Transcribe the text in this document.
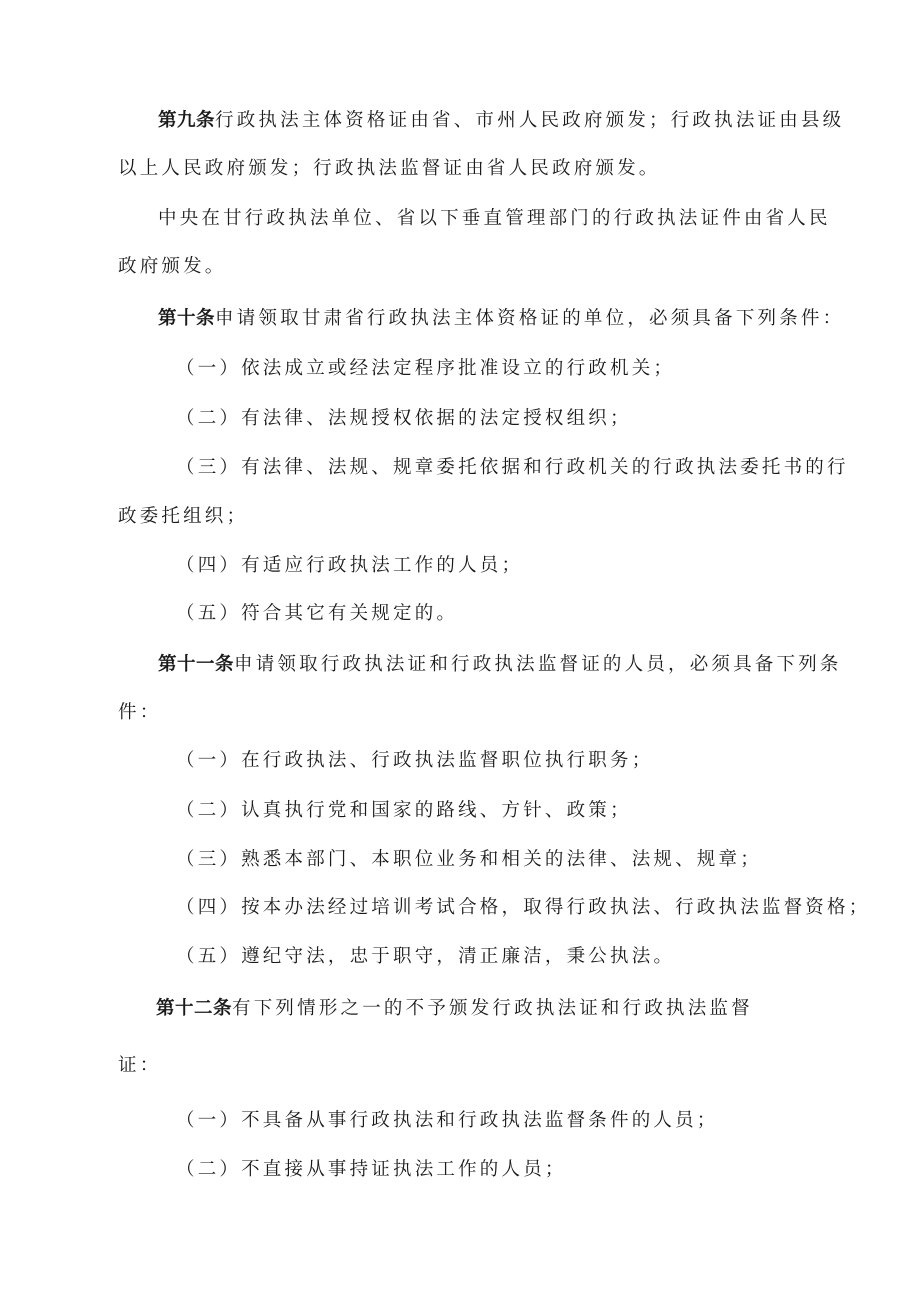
第九条行政执法主体资格证由省、市州人民政府颁发；行政执法证由县级
以上人民政府颁发；行政执法监督证由省人民政府颁发。
中央在甘行政执法单位、省以下垂直管理部门的行政执法证件由省人民
政府颁发。
第十条申请领取甘肃省行政执法主体资格证的单位，必须具备下列条件：
（一）依法成立或经法定程序批准设立的行政机关；
（二）有法律、法规授权依据的法定授权组织；
（三）有法律、法规、规章委托依据和行政机关的行政执法委托书的行
政委托组织；
（四）有适应行政执法工作的人员；
（五）符合其它有关规定的。
第十一条申请领取行政执法证和行政执法监督证的人员，必须具备下列条
件：
（一）在行政执法、行政执法监督职位执行职务；
（二）认真执行党和国家的路线、方针、政策；
（三）熟悉本部门、本职位业务和相关的法律、法规、规章；
（四）按本办法经过培训考试合格，取得行政执法、行政执法监督资格；
（五）遵纪守法，忠于职守，清正廉洁，秉公执法。
第十二条有下列情形之一的不予颁发行政执法证和行政执法监督
证：
（一）不具备从事行政执法和行政执法监督条件的人员；
（二）不直接从事持证执法工作的人员；
